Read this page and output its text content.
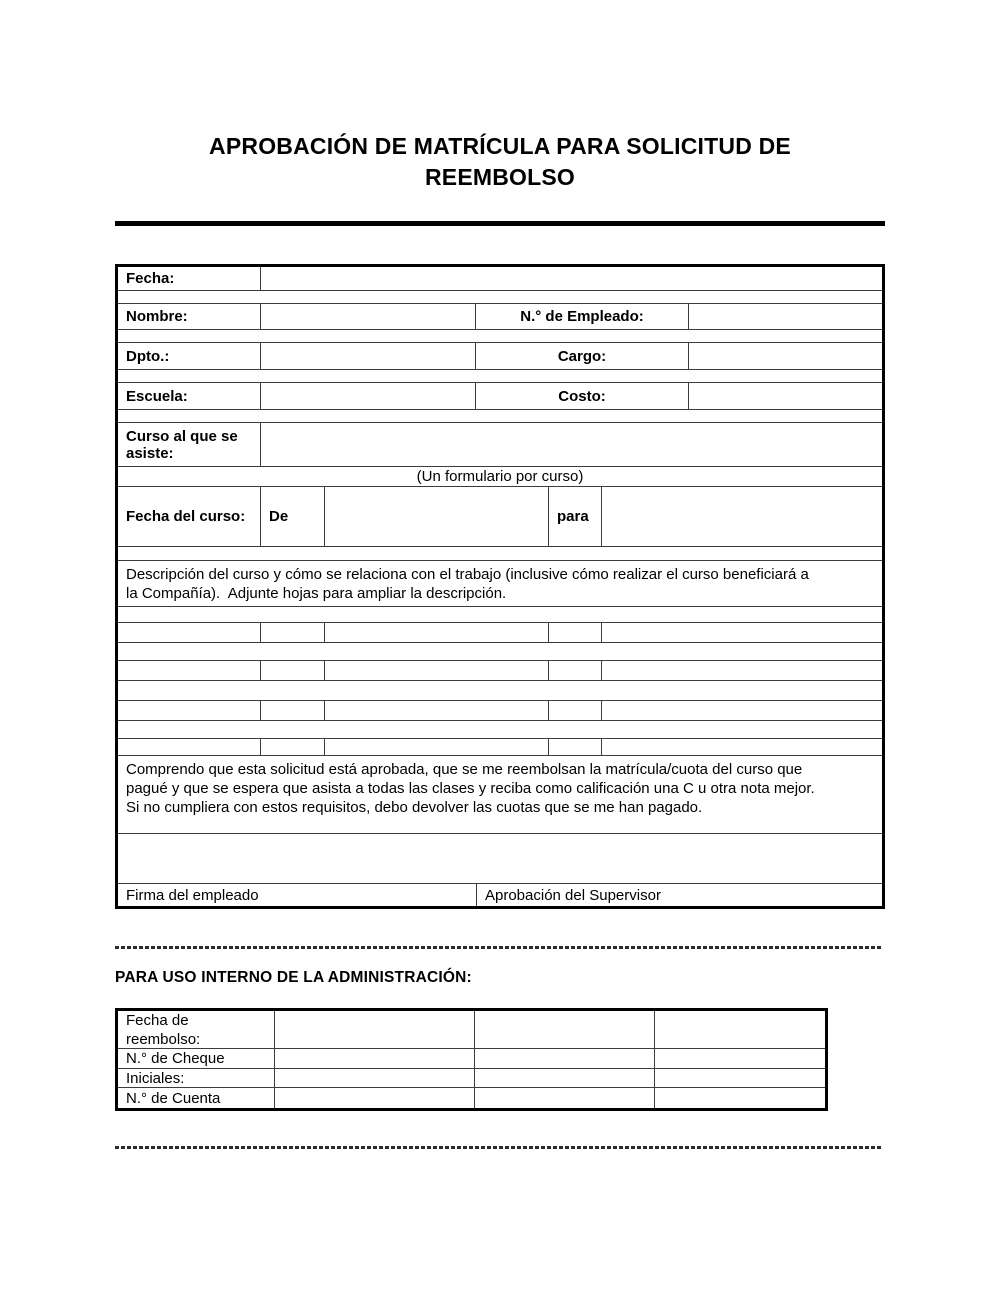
APROBACIÓN DE MATRÍCULA PARA SOLICITUD DE REEMBOLSO
Fecha:
Nombre:	N.° de Empleado:
Dpto.:	Cargo:
Escuela:	Costo:
Curso al que se asiste:
(Un formulario por curso)
Fecha del curso:	De	para
Descripción del curso y cómo se relaciona con el trabajo (inclusive cómo realizar el curso beneficiará a la Compañía).  Adjunte hojas para ampliar la descripción.
Comprendo que esta solicitud está aprobada, que se me reembolsan la matrícula/cuota del curso que pagué y que se espera que asista a todas las clases y reciba como calificación una C u otra nota mejor.  Si no cumpliera con estos requisitos, debo devolver las cuotas que se me han pagado.
Firma del empleado	Aprobación del Supervisor
PARA USO INTERNO DE LA ADMINISTRACIÓN:
Fecha de reembolso:
N.° de Cheque
Iniciales:
N.° de Cuenta
